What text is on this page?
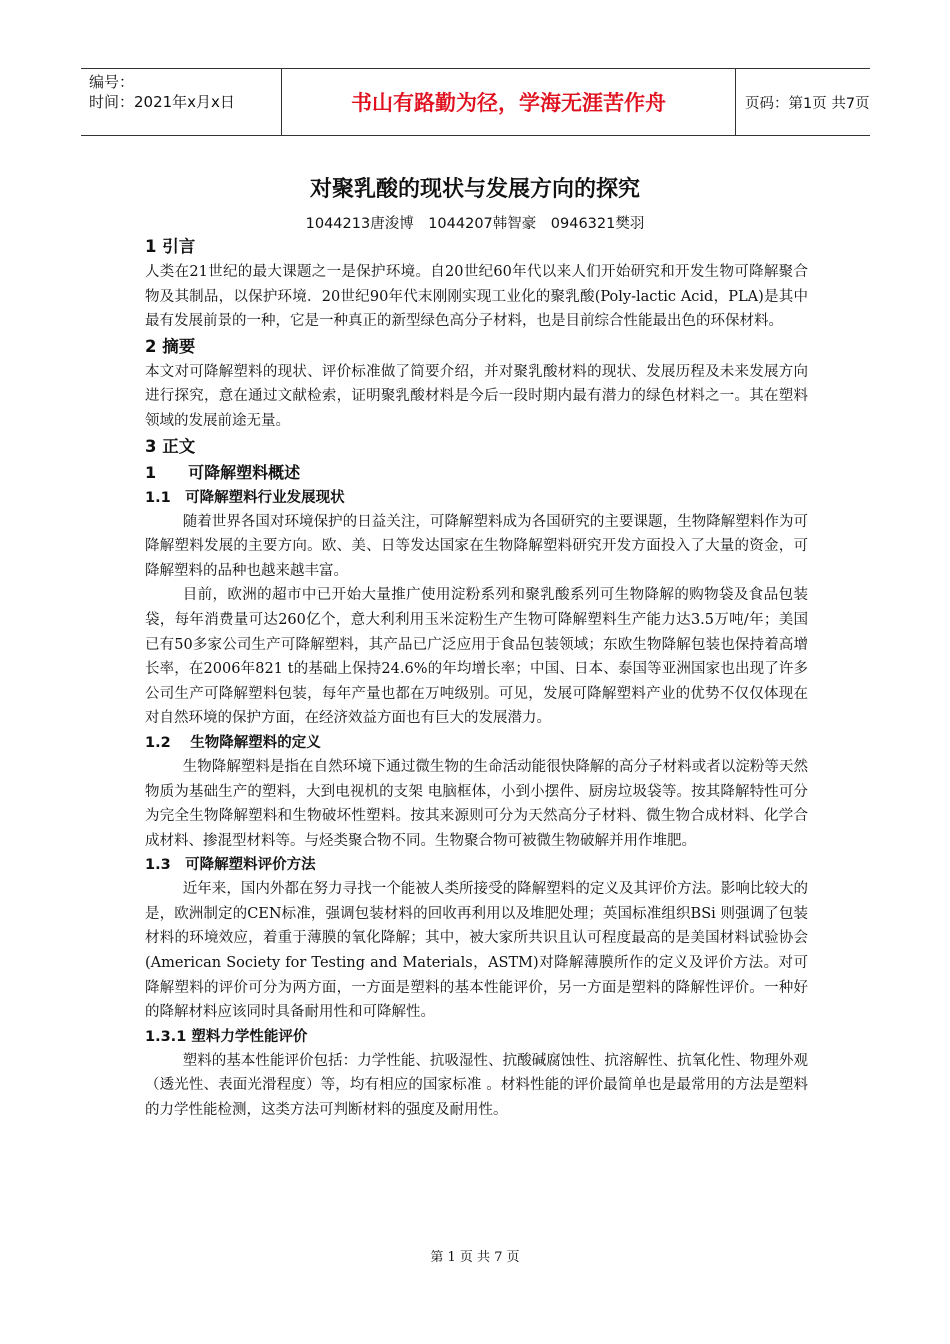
编号：
时间：2021年x月x日	书山有路勤为径，学海无涯苦作舟	页码：第1页 共7页
对聚乳酸的现状与发展方向的探究
1044213唐浚博　1044207韩智豪　0946321樊羽
1 引言

人类在21世纪的最大课题之一是保护环境。自20世纪60年代以来人们开始研究和开发生物可降解聚合物及其制品，以保护环境．20世纪90年代末刚刚实现工业化的聚乳酸(Poly-lactic Acid，PLA)是其中最有发展前景的一种，它是一种真正的新型绿色高分子材料，也是目前综合性能最出色的环保材料。

2 摘要

本文对可降解塑料的现状、评价标准做了简要介绍，并对聚乳酸材料的现状、发展历程及未来发展方向进行探究，意在通过文献检索，证明聚乳酸材料是今后一段时期内最有潜力的绿色材料之一。其在塑料领域的发展前途无量。

3 正文
1　　可降解塑料概述
1.1　可降解塑料行业发展现状

随着世界各国对环境保护的日益关注，可降解塑料成为各国研究的主要课题，生物降解塑料作为可降解塑料发展的主要方向。欧、美、日等发达国家在生物降解塑料研究开发方面投入了大量的资金，可降解塑料的品种也越来越丰富。

目前，欧洲的超市中已开始大量推广使用淀粉系列和聚乳酸系列可生物降解的购物袋及食品包装袋，每年消费量可达260亿个，意大利利用玉米淀粉生产生物可降解塑料生产能力达3.5万吨/年；美国已有50多家公司生产可降解塑料，其产品已广泛应用于食品包装领域；东欧生物降解包装也保持着高增长率，在2006年821 t的基础上保持24.6%的年均增长率；中国、日本、泰国等亚洲国家也出现了许多公司生产可降解塑料包装，每年产量也都在万吨级别。可见，发展可降解塑料产业的优势不仅仅体现在对自然环境的保护方面，在经济效益方面也有巨大的发展潜力。

1.2　 生物降解塑料的定义

生物降解塑料是指在自然环境下通过微生物的生命活动能很快降解的高分子材料或者以淀粉等天然物质为基础生产的塑料，大到电视机的支架 电脑框体，小到小摆件、厨房垃圾袋等。按其降解特性可分为完全生物降解塑料和生物破坏性塑料。按其来源则可分为天然高分子材料、微生物合成材料、化学合成材料、掺混型材料等。与烃类聚合物不同。生物聚合物可被微生物破解并用作堆肥。

1.3　可降解塑料评价方法

近年来，国内外都在努力寻找一个能被人类所接受的降解塑料的定义及其评价方法。影响比较大的是，欧洲制定的CEN标准，强调包装材料的回收再利用以及堆肥处理；英国标准组织BSi 则强调了包装材料的环境效应，着重于薄膜的氧化降解；其中，被大家所共识且认可程度最高的是美国材料试验协会(American Society for Testing and Materials，ASTM)对降解薄膜所作的定义及评价方法。对可降解塑料的评价可分为两方面，一方面是塑料的基本性能评价，另一方面是塑料的降解性评价。一种好的降解材料应该同时具备耐用性和可降解性。

1.3.1 塑料力学性能评价

塑料的基本性能评价包括：力学性能、抗吸湿性、抗酸碱腐蚀性、抗溶解性、抗氧化性、物理外观（透光性、表面光滑程度）等，均有相应的国家标准 。材料性能的评价最简单也是最常用的方法是塑料的力学性能检测，这类方法可判断材料的强度及耐用性。

第 1 页 共 7 页
